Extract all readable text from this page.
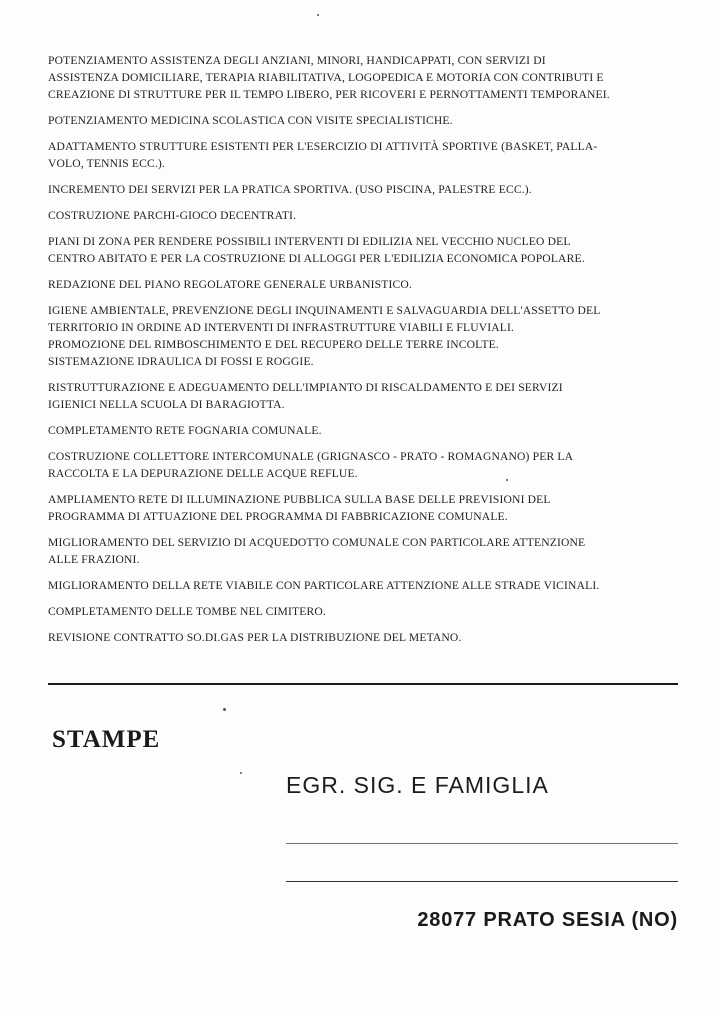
POTENZIAMENTO ASSISTENZA DEGLI ANZIANI, MINORI, HANDICAPPATI, CON SERVIZI DI
ASSISTENZA DOMICILIARE, TERAPIA RIABILITATIVA, LOGOPEDICA E MOTORIA CON CONTRIBUTI E
CREAZIONE DI STRUTTURE PER IL TEMPO LIBERO, PER RICOVERI E PERNOTTAMENTI TEMPORANEI.

POTENZIAMENTO MEDICINA SCOLASTICA CON VISITE SPECIALISTICHE.

ADATTAMENTO STRUTTURE ESISTENTI PER L'ESERCIZIO DI ATTIVITÀ SPORTIVE (BASKET, PALLA-
VOLO, TENNIS ECC.).

INCREMENTO DEI SERVIZI PER LA PRATICA SPORTIVA. (USO PISCINA, PALESTRE ECC.).

COSTRUZIONE PARCHI-GIOCO DECENTRATI.

PIANI DI ZONA PER RENDERE POSSIBILI INTERVENTI DI EDILIZIA NEL VECCHIO NUCLEO DEL
CENTRO ABITATO E PER LA COSTRUZIONE DI ALLOGGI PER L'EDILIZIA ECONOMICA POPOLARE.

REDAZIONE DEL PIANO REGOLATORE GENERALE URBANISTICO.

IGIENE AMBIENTALE, PREVENZIONE DEGLI INQUINAMENTI E SALVAGUARDIA DELL'ASSETTO DEL
TERRITORIO IN ORDINE AD INTERVENTI DI INFRASTRUTTURE VIABILI E FLUVIALI.
PROMOZIONE DEL RIMBOSCHIMENTO E DEL RECUPERO DELLE TERRE INCOLTE.
SISTEMAZIONE IDRAULICA DI FOSSI E ROGGIE.

RISTRUTTURAZIONE E ADEGUAMENTO DELL'IMPIANTO DI RISCALDAMENTO E DEI SERVIZI
IGIENICI NELLA SCUOLA DI BARAGIOTTA.

COMPLETAMENTO RETE FOGNARIA COMUNALE.

COSTRUZIONE COLLETTORE INTERCOMUNALE (GRIGNASCO - PRATO - ROMAGNANO) PER LA
RACCOLTA E LA DEPURAZIONE DELLE ACQUE REFLUE.

AMPLIAMENTO RETE DI ILLUMINAZIONE PUBBLICA SULLA BASE DELLE PREVISIONI DEL
PROGRAMMA DI ATTUAZIONE DEL PROGRAMMA DI FABBRICAZIONE COMUNALE.

MIGLIORAMENTO DEL SERVIZIO DI ACQUEDOTTO COMUNALE CON PARTICOLARE ATTENZIONE
ALLE FRAZIONI.

MIGLIORAMENTO DELLA RETE VIABILE CON PARTICOLARE ATTENZIONE ALLE STRADE VICINALI.

COMPLETAMENTO DELLE TOMBE NEL CIMITERO.

REVISIONE CONTRATTO SO.DI.GAS PER LA DISTRIBUZIONE DEL METANO.

STAMPE
EGR. SIG. E FAMIGLIA
28077 PRATO SESIA (NO)
